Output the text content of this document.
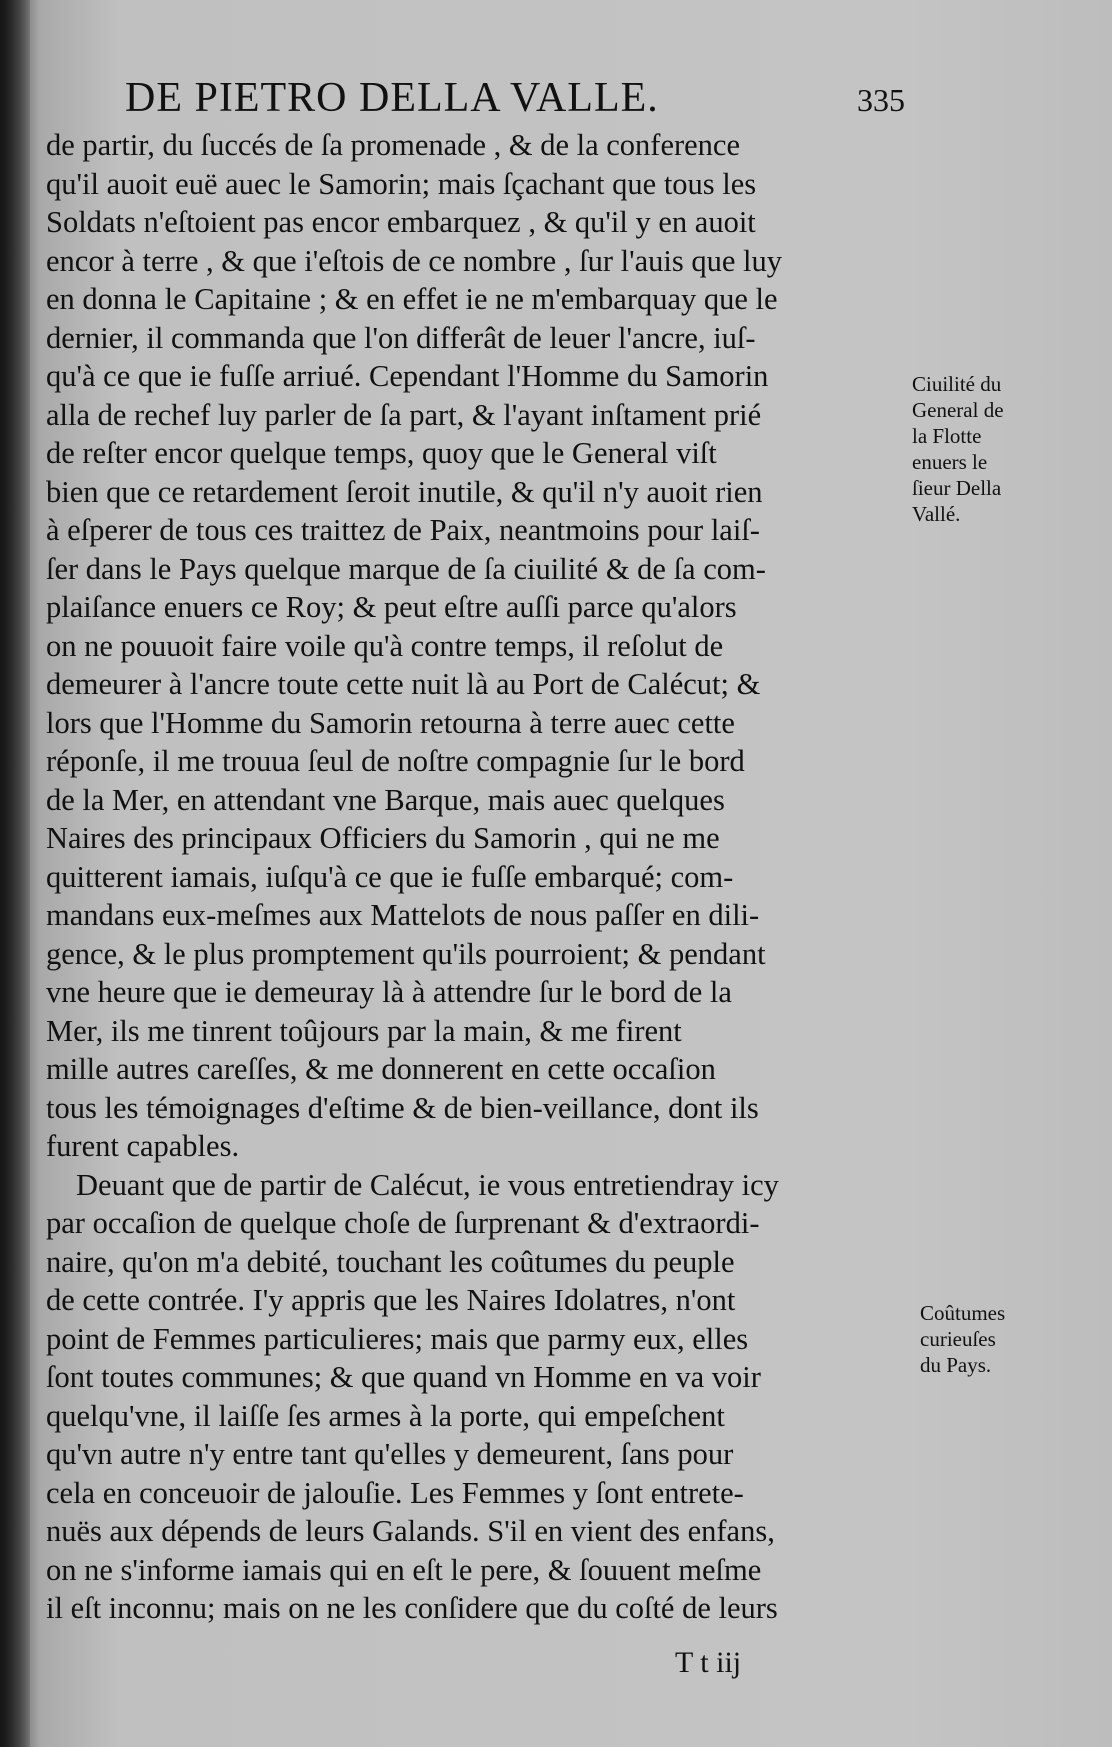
DE PIETRO DELLA VALLE.	335
de partir, du ſuccés de ſa promenade , & de la conference
qu'il auoit euë auec le Samorin; mais ſçachant que tous les
Soldats n'eſtoient pas encor embarquez , & qu'il y en auoit
encor à terre , & que i'eſtois de ce nombre , ſur l'auis que luy
en donna le Capitaine ; & en effet ie ne m'embarquay que le
dernier, il commanda que l'on differât de leuer l'ancre, iuſ-
qu'à ce que ie fuſſe arriué. Cependant l'Homme du Samorin
alla de rechef luy parler de ſa part, & l'ayant inſtament prié
de reſter encor quelque temps, quoy que le General viſt
bien que ce retardement ſeroit inutile, & qu'il n'y auoit rien
à eſperer de tous ces traittez de Paix, neantmoins pour laiſ-
ſer dans le Pays quelque marque de ſa ciuilité & de ſa com-
plaiſance enuers ce Roy; & peut eſtre auſſi parce qu'alors
on ne pouuoit faire voile qu'à contre temps, il reſolut de
demeurer à l'ancre toute cette nuit là au Port de Calécut; &
lors que l'Homme du Samorin retourna à terre auec cette
réponſe, il me trouua ſeul de noſtre compagnie ſur le bord
de la Mer, en attendant vne Barque, mais auec quelques
Naires des principaux Officiers du Samorin , qui ne me
quitterent iamais, iuſqu'à ce que ie fuſſe embarqué; com-
mandans eux-meſmes aux Mattelots de nous paſſer en dili-
gence, & le plus promptement qu'ils pourroient; & pendant
vne heure que ie demeuray là à attendre ſur le bord de la
Mer, ils me tinrent toûjours par la main, & me firent
mille autres careſſes, & me donnerent en cette occaſion
tous les témoignages d'eſtime & de bien-veillance, dont ils
furent capables.
Deuant que de partir de Calécut, ie vous entretiendray icy
par occaſion de quelque choſe de ſurprenant & d'extraordi-
naire, qu'on m'a debité, touchant les coûtumes du peuple
de cette contrée. I'y appris que les Naires Idolatres, n'ont
point de Femmes particulieres; mais que parmy eux, elles
ſont toutes communes; & que quand vn Homme en va voir
quelqu'vne, il laiſſe ſes armes à la porte, qui empeſchent
qu'vn autre n'y entre tant qu'elles y demeurent, ſans pour
cela en conceuoir de jalouſie. Les Femmes y ſont entrete-
nuës aux dépends de leurs Galands. S'il en vient des enfans,
on ne s'informe iamais qui en eſt le pere, & ſouuent meſme
il eſt inconnu; mais on ne les conſidere que du coſté de leurs
Ciuilité du
General de
la Flotte
enuers le
ſieur Della
Vallé.
Coûtumes
curieuſes
du Pays.
T t iij
